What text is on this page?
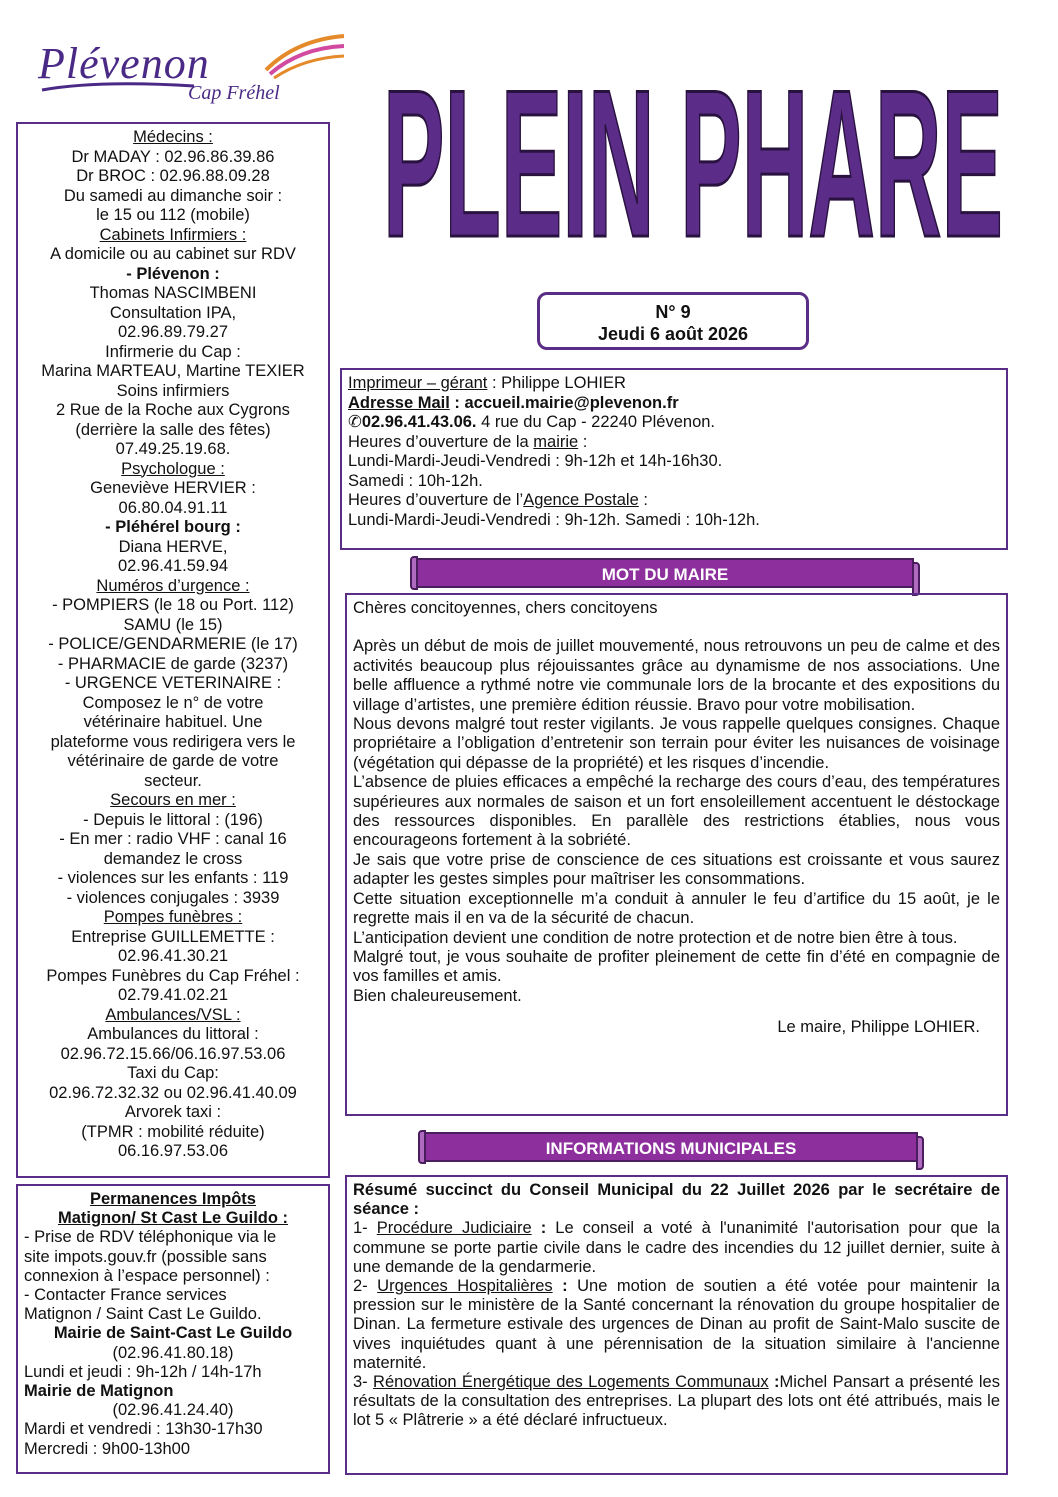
Plévenon
Cap Fréhel PLEIN PHARE
N° 9
Jeudi 6 août 2026
Médecins :
Dr MADAY : 02.96.86.39.86
Dr BROC : 02.96.88.09.28
Du samedi au dimanche soir :
le 15 ou 112 (mobile)
Cabinets Infirmiers :
A domicile ou au cabinet sur RDV
- Plévenon :
Thomas NASCIMBENI
Consultation IPA,
02.96.89.79.27
Infirmerie du Cap :
Marina MARTEAU, Martine TEXIER
Soins infirmiers
2 Rue de la Roche aux Cygrons
(derrière la salle des fêtes)
07.49.25.19.68.
Psychologue :
Geneviève HERVIER :
06.80.04.91.11
- Pléhérel bourg :
Diana HERVE,
02.96.41.59.94
Numéros d’urgence :
- POMPIERS (le 18 ou Port. 112)
SAMU (le 15)
- POLICE/GENDARMERIE (le 17)
- PHARMACIE de garde (3237)
- URGENCE VETERINAIRE :
Composez le n° de votre
vétérinaire habituel. Une
plateforme vous redirigera vers le
vétérinaire de garde de votre
secteur.
Secours en mer :
- Depuis le littoral : (196)
- En mer : radio VHF : canal 16
demandez le cross
- violences sur les enfants : 119
- violences conjugales : 3939
Pompes funèbres :
Entreprise GUILLEMETTE :
02.96.41.30.21
Pompes Funèbres du Cap Fréhel :
02.79.41.02.21
Ambulances/VSL :
Ambulances du littoral :
02.96.72.15.66/06.16.97.53.06
Taxi du Cap:
02.96.72.32.32 ou 02.96.41.40.09
Arvorek taxi :
(TPMR : mobilité réduite)
06.16.97.53.06
Permanences Impôts
Matignon/ St Cast Le Guildo :
- Prise de RDV téléphonique via le
site impots.gouv.fr (possible sans
connexion à l’espace personnel) :
- Contacter France services
Matignon / Saint Cast Le Guildo.
Mairie de Saint-Cast Le Guildo
(02.96.41.80.18)
Lundi et jeudi : 9h-12h / 14h-17h
Mairie de Matignon
(02.96.41.24.40)
Mardi et vendredi : 13h30-17h30
Mercredi : 9h00-13h00
Imprimeur – gérant : Philippe LOHIER
Adresse Mail : accueil.mairie@plevenon.fr
✆02.96.41.43.06. 4 rue du Cap - 22240 Plévenon.
Heures d’ouverture de la mairie :
Lundi-Mardi-Jeudi-Vendredi : 9h-12h et 14h-16h30.
Samedi : 10h-12h.
Heures d’ouverture de l’Agence Postale :
Lundi-Mardi-Jeudi-Vendredi : 9h-12h. Samedi : 10h-12h.
MOT DU MAIRE

Chères concitoyennes, chers concitoyens

Après un début de mois de juillet mouvementé, nous retrouvons un peu de calme et des activités beaucoup plus réjouissantes grâce au dynamisme de nos associations. Une belle affluence a rythmé notre vie communale lors de la brocante et des expositions du village d’artistes, une première édition réussie. Bravo pour votre mobilisation.

Nous devons malgré tout rester vigilants. Je vous rappelle quelques consignes. Chaque propriétaire a l’obligation d’entretenir son terrain pour éviter les nuisances de voisinage (végétation qui dépasse de la propriété) et les risques d’incendie.

L’absence de pluies efficaces a empêché la recharge des cours d’eau, des températures supérieures aux normales de saison et un fort ensoleillement accentuent le déstockage des ressources disponibles. En parallèle des restrictions établies, nous vous encourageons fortement à la sobriété.

Je sais que votre prise de conscience de ces situations est croissante et vous saurez adapter les gestes simples pour maîtriser les consommations.

Cette situation exceptionnelle m’a conduit à annuler le feu d’artifice du 15 août, je le regrette mais il en va de la sécurité de chacun.

L’anticipation devient une condition de notre protection et de notre bien être à tous.

Malgré tout, je vous souhaite de profiter pleinement de cette fin d’été en compagnie de vos familles et amis.

Bien chaleureusement.

Le maire, Philippe LOHIER.

INFORMATIONS MUNICIPALES

Résumé succinct du Conseil Municipal du 22 Juillet 2026 par le secrétaire de séance :

1- Procédure Judiciaire : Le conseil a voté à l'unanimité l'autorisation pour que la commune se porte partie civile dans le cadre des incendies du 12 juillet dernier, suite à une demande de la gendarmerie.

2- Urgences Hospitalières : Une motion de soutien a été votée pour maintenir la pression sur le ministère de la Santé concernant la rénovation du groupe hospitalier de Dinan. La fermeture estivale des urgences de Dinan au profit de Saint-Malo suscite de vives inquiétudes quant à une pérennisation de la situation similaire à l'ancienne maternité.

3- Rénovation Énergétique des Logements Communaux :Michel Pansart a présenté les résultats de la consultation des entreprises. La plupart des lots ont été attribués, mais le lot 5 « Plâtrerie » a été déclaré infructueux.
